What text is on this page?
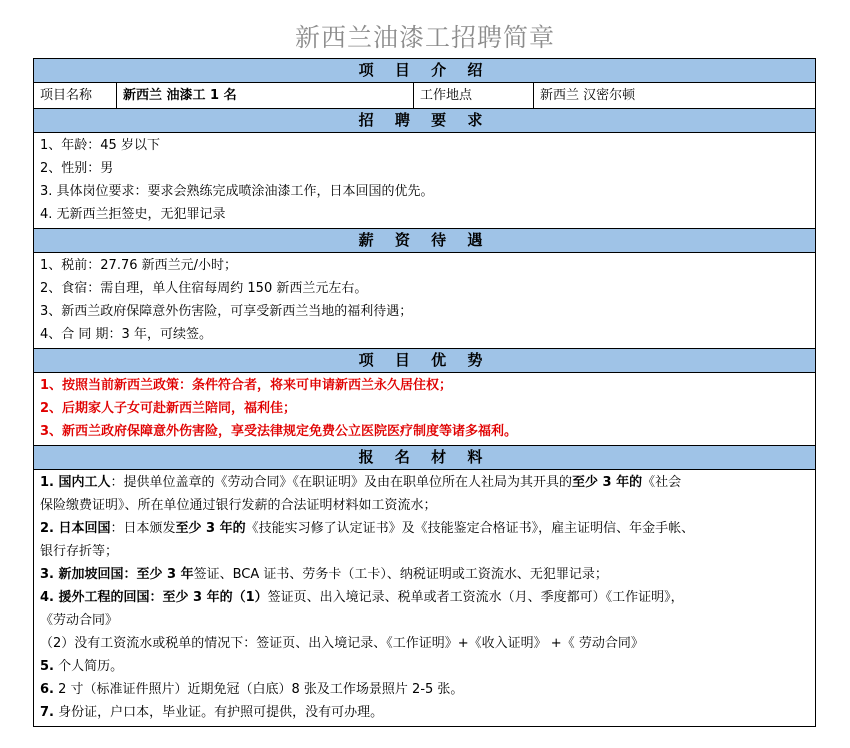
新西兰油漆工招聘简章
项 目 介 绍
项目名称	新西兰 油漆工 1 名	工作地点	新西兰 汉密尔顿
招 聘 要 求
1、年龄：45 岁以下
2、性别：男
3. 具体岗位要求：要求会熟练完成喷涂油漆工作，日本回国的优先。
4. 无新西兰拒签史，无犯罪记录
薪 资 待 遇
1、税前：27.76 新西兰元/小时；
2、食宿：需自理，单人住宿每周约 150 新西兰元左右。
3、新西兰政府保障意外伤害险，可享受新西兰当地的福利待遇；
4、合 同 期：3 年，可续签。
项 目 优 势
1、按照当前新西兰政策：条件符合者，将来可申请新西兰永久居住权；
2、后期家人子女可赴新西兰陪同，福利佳；
3、新西兰政府保障意外伤害险，享受法律规定免费公立医院医疗制度等诸多福利。
报 名 材 料
1. 国内工人：提供单位盖章的《劳动合同》《在职证明》及由在职单位所在人社局为其开具的至少 3 年的《社会
保险缴费证明》、所在单位通过银行发薪的合法证明材料如工资流水；
2. 日本回国：日本颁发至少 3 年的《技能实习修了认定证书》及《技能鉴定合格证书》，雇主证明信、年金手帐、
银行存折等；
3. 新加坡回国：至少 3 年签证、BCA 证书、劳务卡（工卡）、纳税证明或工资流水、无犯罪记录；
4. 援外工程的回国：至少 3 年的（1）签证页、出入境记录、税单或者工资流水（月、季度都可）《工作证明》，
《劳动合同》
（2）没有工资流水或税单的情况下：签证页、出入境记录、《工作证明》+《收入证明》 +《 劳动合同》
5. 个人简历。
6. 2 寸（标准证件照片）近期免冠（白底）8 张及工作场景照片 2-5 张。
7. 身份证，户口本，毕业证。有护照可提供，没有可办理。
